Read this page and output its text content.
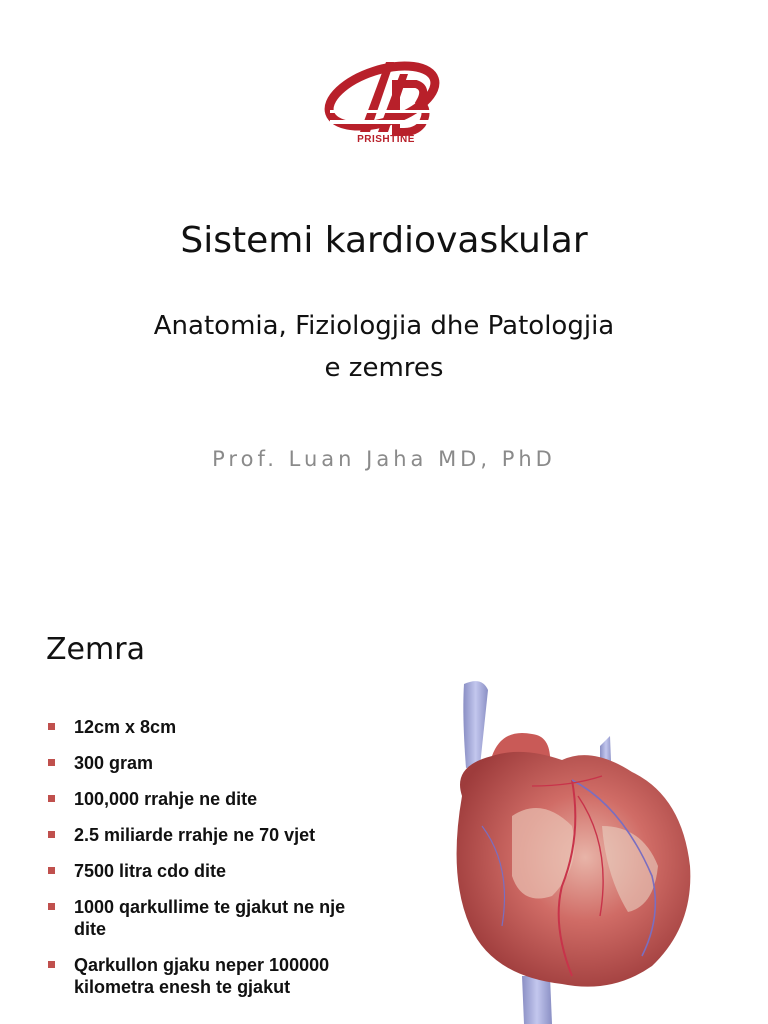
PRISHTINË
Sistemi kardiovaskular
Anatomia, Fiziologjia dhe Patologjia
e zemres
Prof. Luan Jaha MD, PhD
Zemra
12cm x 8cm
300 gram
100,000 rrahje ne dite
2.5 miliarde rrahje ne 70 vjet
7500 litra cdo dite
1000 qarkullime te gjakut ne nje dite
Qarkullon gjaku neper 100000 kilometra enesh te gjakut
